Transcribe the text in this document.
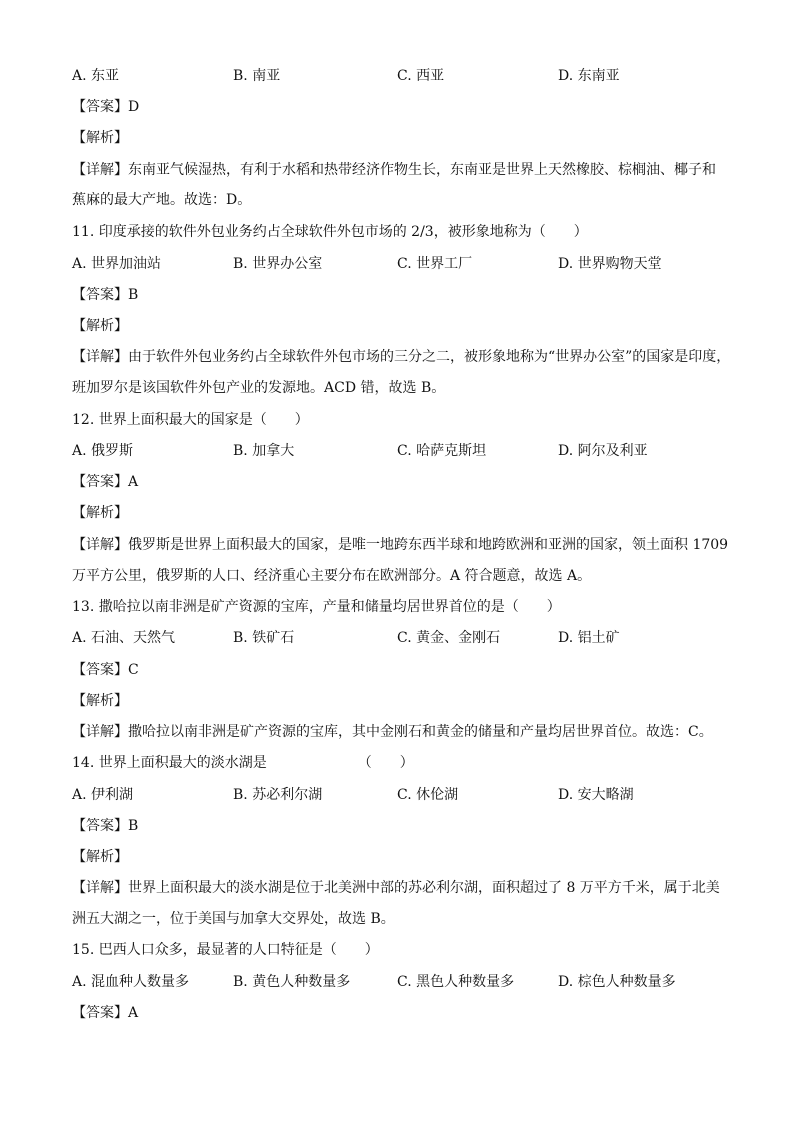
A. 东亚	B. 南亚	C. 西亚	D. 东南亚
【答案】D
【解析】
【详解】东南亚气候湿热，有利于水稻和热带经济作物生长，东南亚是世界上天然橡胶、棕榈油、椰子和
蕉麻的最大产地。故选：D。
11. 印度承接的软件外包业务约占全球软件外包市场的 2/3，被形象地称为（　　）
A. 世界加油站	B. 世界办公室	C. 世界工厂	D. 世界购物天堂
【答案】B
【解析】
【详解】由于软件外包业务约占全球软件外包市场的三分之二，被形象地称为“世界办公室”的国家是印度，
班加罗尔是该国软件外包产业的发源地。ACD 错，故选 B。
12. 世界上面积最大的国家是（　　）
A. 俄罗斯	B. 加拿大	C. 哈萨克斯坦	D. 阿尔及利亚
【答案】A
【解析】
【详解】俄罗斯是世界上面积最大的国家，是唯一地跨东西半球和地跨欧洲和亚洲的国家，领土面积 1709
万平方公里，俄罗斯的人口、经济重心主要分布在欧洲部分。A 符合题意，故选 A。
13. 撒哈拉以南非洲是矿产资源的宝库，产量和储量均居世界首位的是（　　）
A. 石油、天然气	B. 铁矿石	C. 黄金、金刚石	D. 铝土矿
【答案】C
【解析】
【详解】撒哈拉以南非洲是矿产资源的宝库，其中金刚石和黄金的储量和产量均居世界首位。故选：C。
14. 世界上面积最大的淡水湖是　　　　　　　（　　）
A. 伊利湖	B. 苏必利尔湖	C. 休伦湖	D. 安大略湖
【答案】B
【解析】
【详解】世界上面积最大的淡水湖是位于北美洲中部的苏必利尔湖，面积超过了 8 万平方千米，属于北美
洲五大湖之一，位于美国与加拿大交界处，故选 B。
15. 巴西人口众多，最显著的人口特征是（　　）
A. 混血种人数量多	B. 黄色人种数量多	C. 黑色人种数量多	D. 棕色人种数量多
【答案】A
